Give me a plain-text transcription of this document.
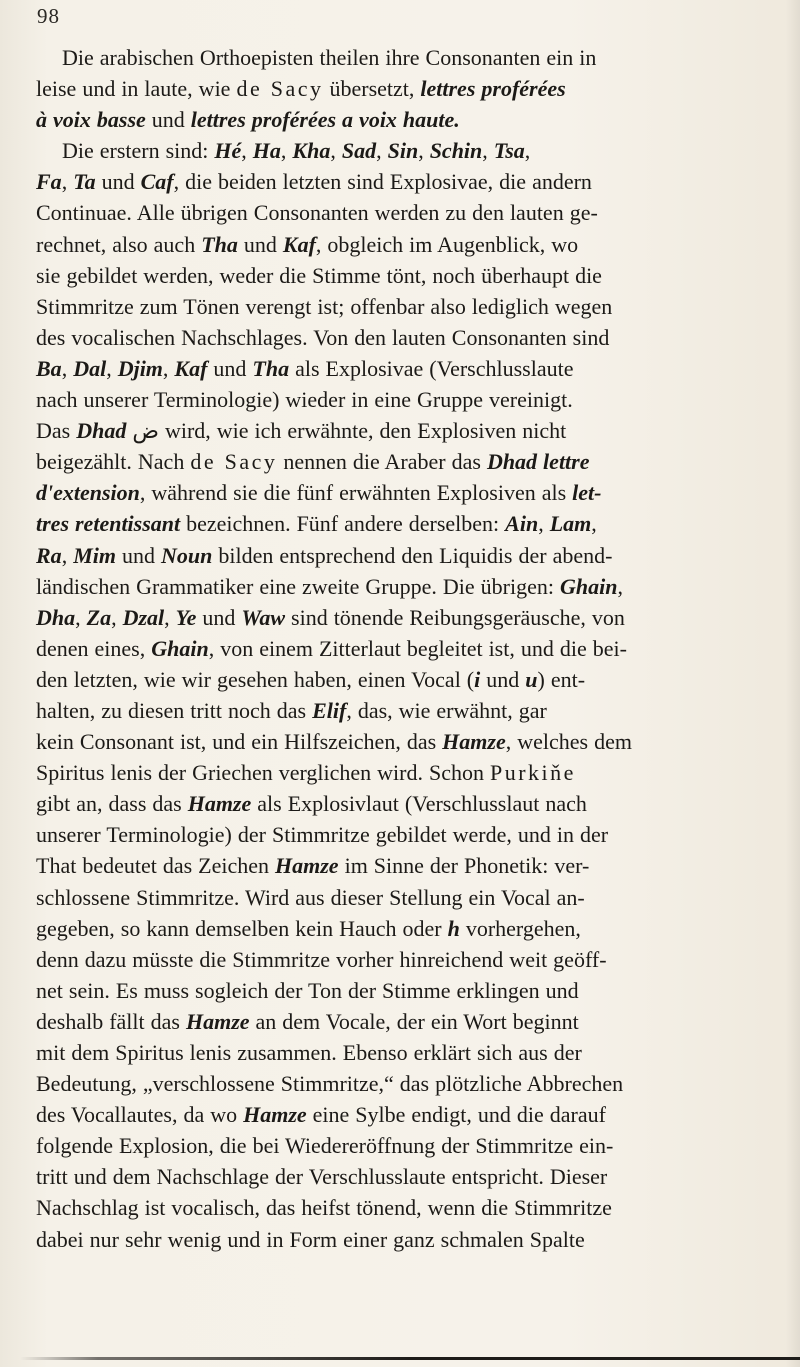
98
Die arabischen Orthoepisten theilen ihre Consonanten ein in
leise und in laute, wie de Sacy übersetzt, lettres proférées
à voix basse und lettres proférées a voix haute.
Die erstern sind: Hé, Ha, Kha, Sad, Sin, Schin, Tsa,
Fa, Ta und Caf, die beiden letzten sind Explosivae, die andern
Continuae. Alle übrigen Consonanten werden zu den lauten ge-
rechnet, also auch Tha und Kaf, obgleich im Augenblick, wo
sie gebildet werden, weder die Stimme tönt, noch überhaupt die
Stimmritze zum Tönen verengt ist; offenbar also lediglich wegen
des vocalischen Nachschlages. Von den lauten Consonanten sind
Ba, Dal, Djim, Kaf und Tha als Explosivae (Verschlusslaute
nach unserer Terminologie) wieder in eine Gruppe vereinigt.
Das Dhad ض wird, wie ich erwähnte, den Explosiven nicht
beigezählt. Nach de Sacy nennen die Araber das Dhad lettre
d'extension, während sie die fünf erwähnten Explosiven als let-
tres retentissant bezeichnen. Fünf andere derselben: Ain, Lam,
Ra, Mim und Noun bilden entsprechend den Liquidis der abend-
ländischen Grammatiker eine zweite Gruppe. Die übrigen: Ghain,
Dha, Za, Dzal, Ye und Waw sind tönende Reibungsgeräusche, von
denen eines, Ghain, von einem Zitterlaut begleitet ist, und die bei-
den letzten, wie wir gesehen haben, einen Vocal (i und u) ent-
halten, zu diesen tritt noch das Elif, das, wie erwähnt, gar
kein Consonant ist, und ein Hilfszeichen, das Hamze, welches dem
Spiritus lenis der Griechen verglichen wird. Schon Purkiňe
gibt an, dass das Hamze als Explosivlaut (Verschlusslaut nach
unserer Terminologie) der Stimmritze gebildet werde, und in der
That bedeutet das Zeichen Hamze im Sinne der Phonetik: ver-
schlossene Stimmritze. Wird aus dieser Stellung ein Vocal an-
gegeben, so kann demselben kein Hauch oder h vorhergehen,
denn dazu müsste die Stimmritze vorher hinreichend weit geöff-
net sein. Es muss sogleich der Ton der Stimme erklingen und
deshalb fällt das Hamze an dem Vocale, der ein Wort beginnt
mit dem Spiritus lenis zusammen. Ebenso erklärt sich aus der
Bedeutung, „verschlossene Stimmritze,“ das plötzliche Abbrechen
des Vocallautes, da wo Hamze eine Sylbe endigt, und die darauf
folgende Explosion, die bei Wiedereröffnung der Stimmritze ein-
tritt und dem Nachschlage der Verschlusslaute entspricht. Dieser
Nachschlag ist vocalisch, das heifst tönend, wenn die Stimmritze
dabei nur sehr wenig und in Form einer ganz schmalen Spalte
